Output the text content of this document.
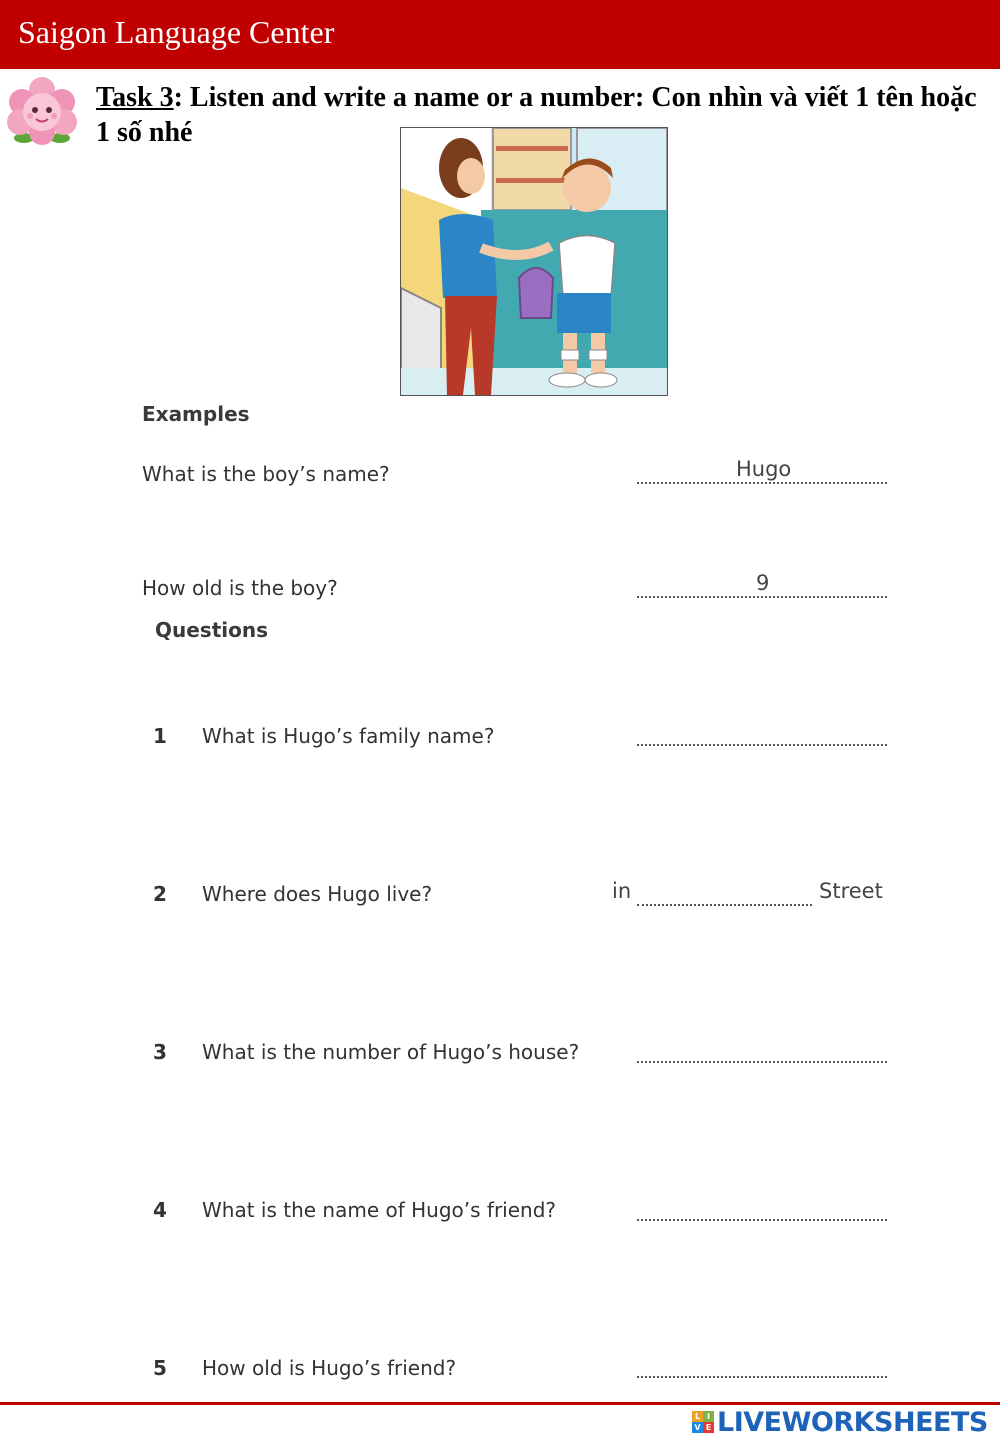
Saigon Language Center
Task 3: Listen and write a name or a number: Con nhìn và viết 1 tên hoặc
1 số nhé
Examples
What is the boy’s name?	Hugo
How old is the boy?	9
Questions
1 What is Hugo’s family name?
2 Where does Hugo live?	in	Street
3 What is the number of Hugo’s house?
4 What is the name of Hugo’s friend?
5 How old is Hugo’s friend?
L I
V E LIVEWORKSHEETS
